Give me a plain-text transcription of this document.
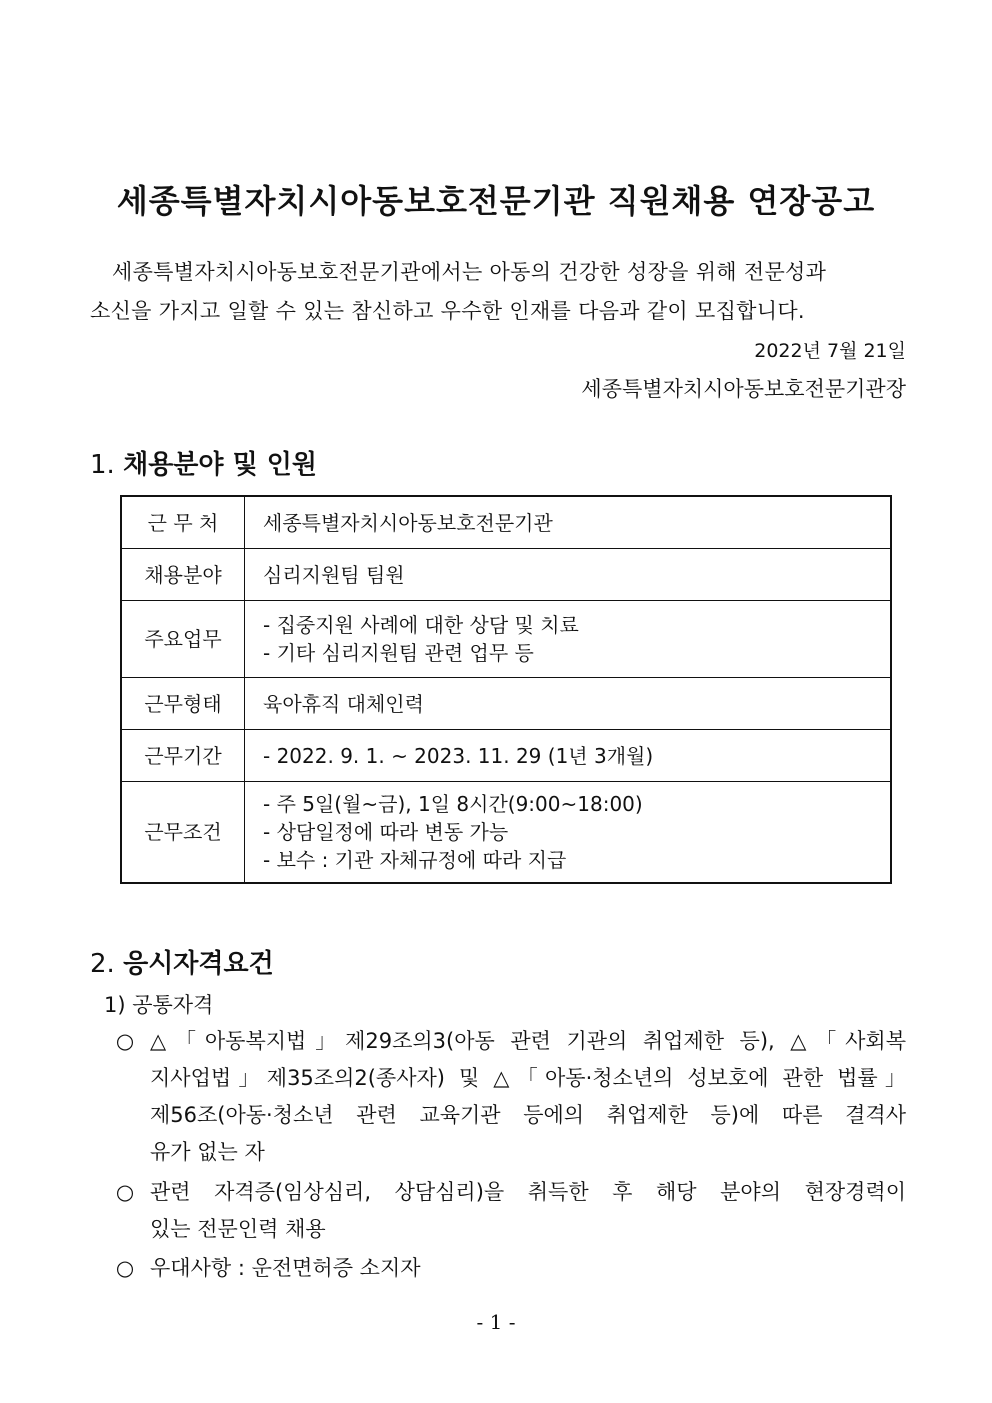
세종특별자치시아동보호전문기관 직원채용 연장공고
세종특별자치시아동보호전문기관에서는 아동의 건강한 성장을 위해 전문성과
소신을 가지고 일할 수 있는 참신하고 우수한 인재를 다음과 같이 모집합니다.
2022년 7월 21일
세종특별자치시아동보호전문기관장
1. 채용분야 및 인원
근 무 처	세종특별자치시아동보호전문기관

채용분야	심리지원팀 팀원

주요업무	- 집중지원 사례에 대한 상담 및 치료
- 기타 심리지원팀 관련 업무 등

근무형태	육아휴직 대체인력

근무기간	- 2022. 9. 1. ~ 2023. 11. 29 (1년 3개월)

근무조건	- 주 5일(월~금), 1일 8시간(9:00~18:00)
- 상담일정에 따라 변동 가능
- 보수 : 기관 자체규정에 따라 지급
2. 응시자격요건
1) 공통자격
○ △「아동복지법」제29조의3(아동 관련 기관의 취업제한 등), △「사회복
지사업법」제35조의2(종사자) 및 △「아동·청소년의 성보호에 관한 법률」
제56조(아동·청소년 관련 교육기관 등에의 취업제한 등)에 따른 결격사
유가 없는 자
○ 관련 자격증(임상심리, 상담심리)을 취득한 후 해당 분야의 현장경력이
있는 전문인력 채용
○ 우대사항 : 운전면허증 소지자
- 1 -
